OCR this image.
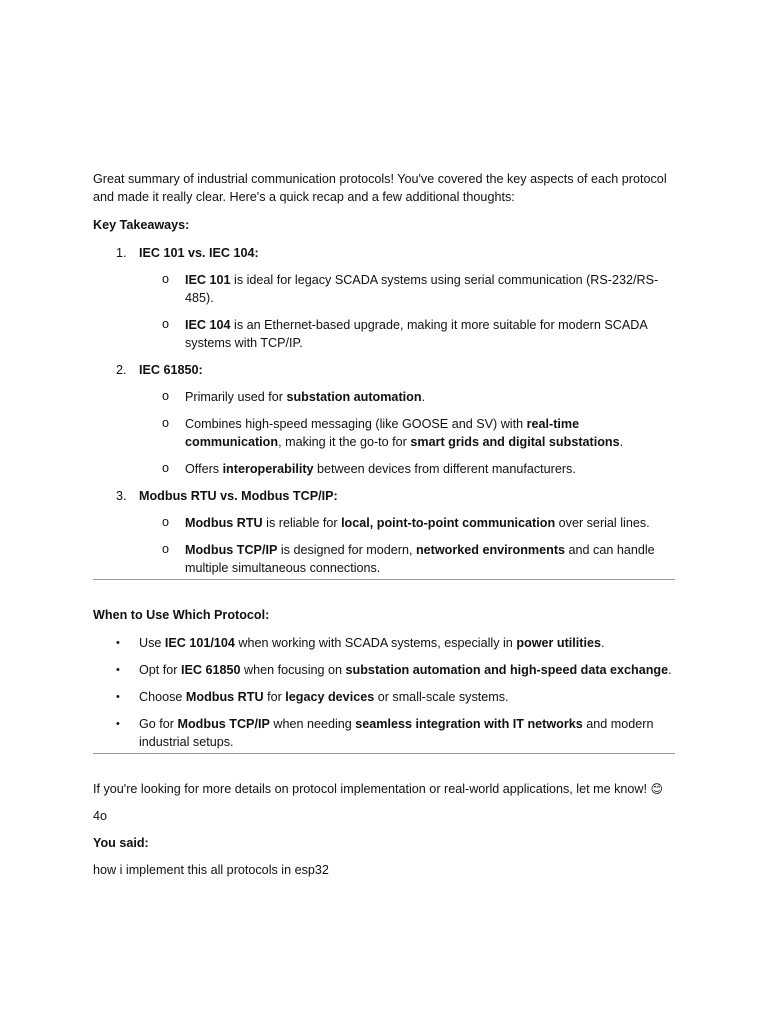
Great summary of industrial communication protocols! You've covered the key aspects of each protocol and made it really clear. Here's a quick recap and a few additional thoughts:

Key Takeaways:

1. IEC 101 vs. IEC 104:
o IEC 101 is ideal for legacy SCADA systems using serial communication (RS-232/RS-485).
o IEC 104 is an Ethernet-based upgrade, making it more suitable for modern SCADA systems with TCP/IP.
2. IEC 61850:
o Primarily used for substation automation.
o Combines high-speed messaging (like GOOSE and SV) with real-time communication, making it the go-to for smart grids and digital substations.
o Offers interoperability between devices from different manufacturers.
3. Modbus RTU vs. Modbus TCP/IP:
o Modbus RTU is reliable for local, point-to-point communication over serial lines.
o Modbus TCP/IP is designed for modern, networked environments and can handle multiple simultaneous connections.

When to Use Which Protocol:

• Use IEC 101/104 when working with SCADA systems, especially in power utilities.
• Opt for IEC 61850 when focusing on substation automation and high-speed data exchange.
• Choose Modbus RTU for legacy devices or small-scale systems.
• Go for Modbus TCP/IP when needing seamless integration with IT networks and modern industrial setups.

If you're looking for more details on protocol implementation or real-world applications, let me know! 😊

4o

You said:

how i implement this all protocols in esp32
